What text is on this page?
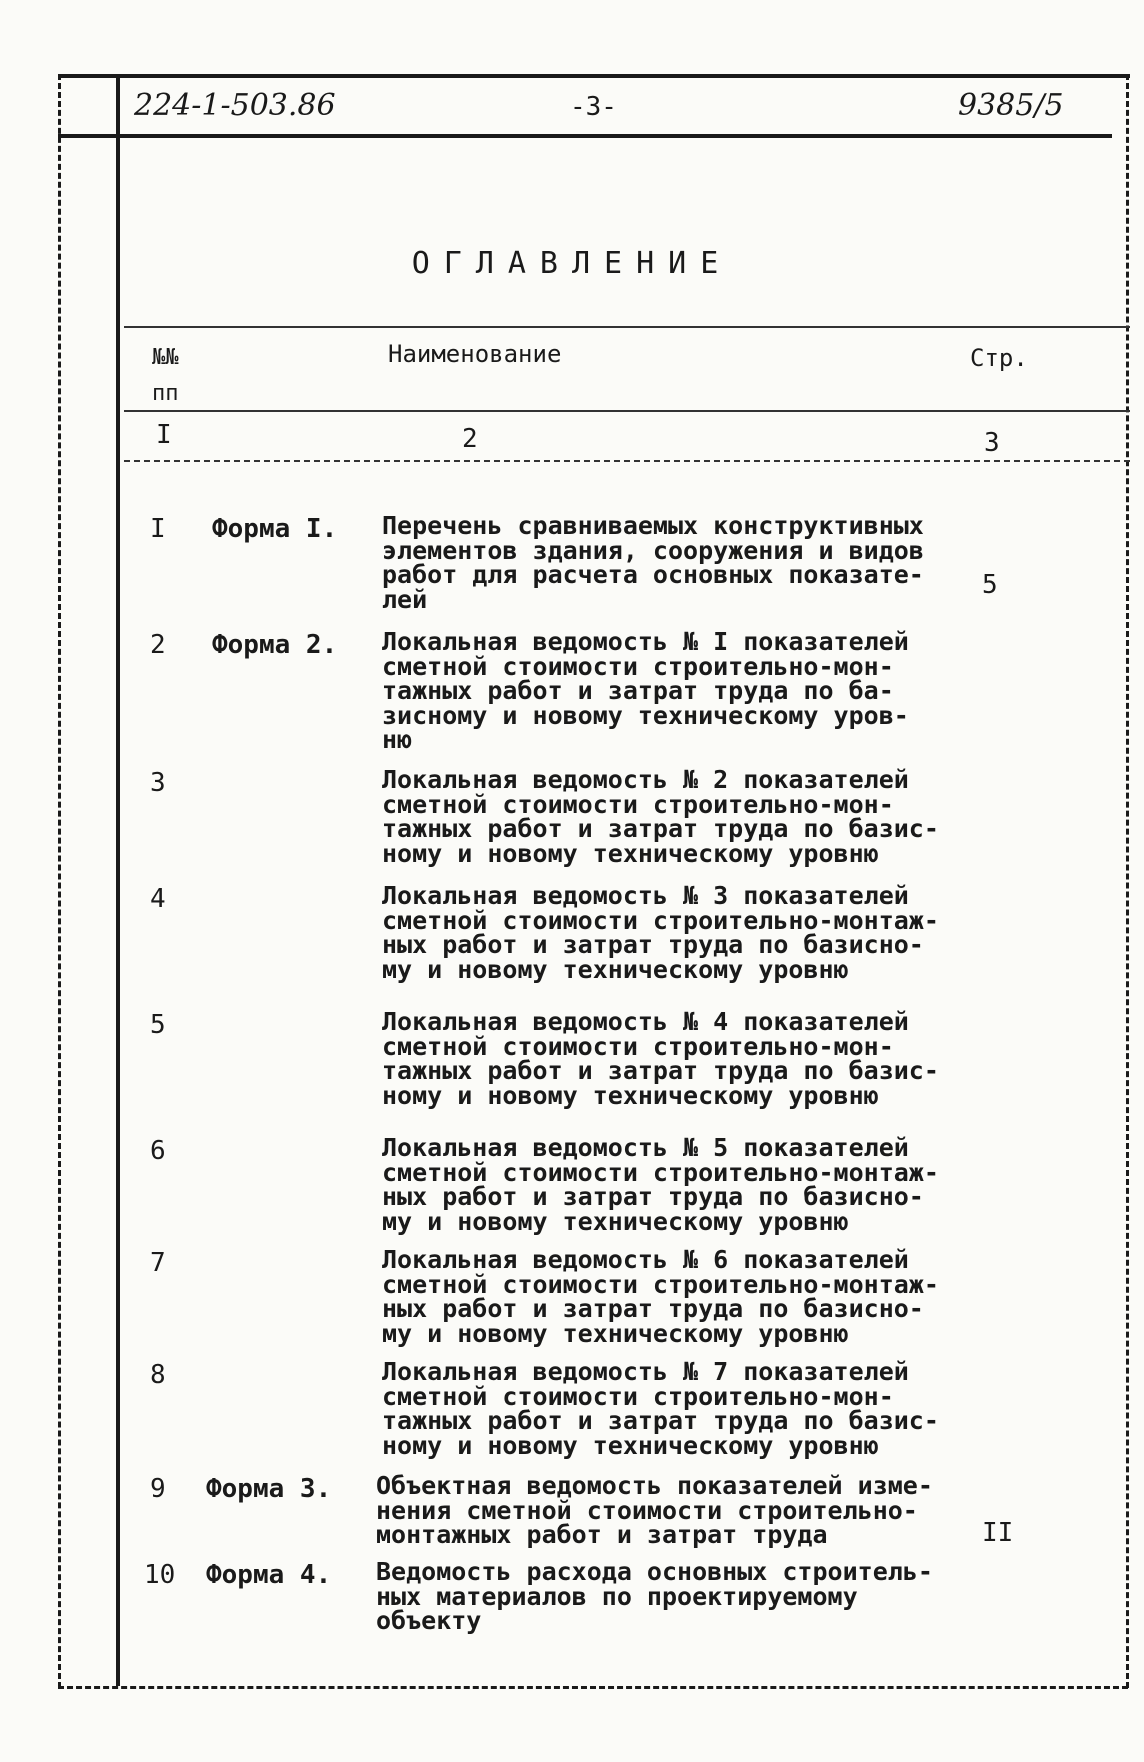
224-1-503.86	-3-	9385/5
ОГЛАВЛЕНИЕ
№№
пп
Наименование	Стр.
I	2	3
I Форма I. Перечень сравниваемых конструктивных
элементов здания, сооружения и видов
работ для расчета основных показате-
лей	5
2 Форма 2. Локальная ведомость № I показателей
сметной стоимости строительно-мон-
тажных работ и затрат труда по ба-
зисному и новому техническому уров-
ню
3	Локальная ведомость № 2 показателей
сметной стоимости строительно-мон-
тажных работ и затрат труда по базис-
ному и новому техническому уровню
4	Локальная ведомость № 3 показателей
сметной стоимости строительно-монтаж-
ных работ и затрат труда по базисно-
му и новому техническому уровню
5	Локальная ведомость № 4 показателей
сметной стоимости строительно-мон-
тажных работ и затрат труда по базис-
ному и новому техническому уровню
6	Локальная ведомость № 5 показателей
сметной стоимости строительно-монтаж-
ных работ и затрат труда по базисно-
му и новому техническому уровню
7	Локальная ведомость № 6 показателей
сметной стоимости строительно-монтаж-
ных работ и затрат труда по базисно-
му и новому техническому уровню
8	Локальная ведомость № 7 показателей
сметной стоимости строительно-мон-
тажных работ и затрат труда по базис-
ному и новому техническому уровню
9 Форма 3. Объектная ведомость показателей изме-
нения сметной стоимости строительно-
монтажных работ и затрат труда	II
10 Форма 4. Ведомость расхода основных строитель-
ных материалов по проектируемому
объекту
